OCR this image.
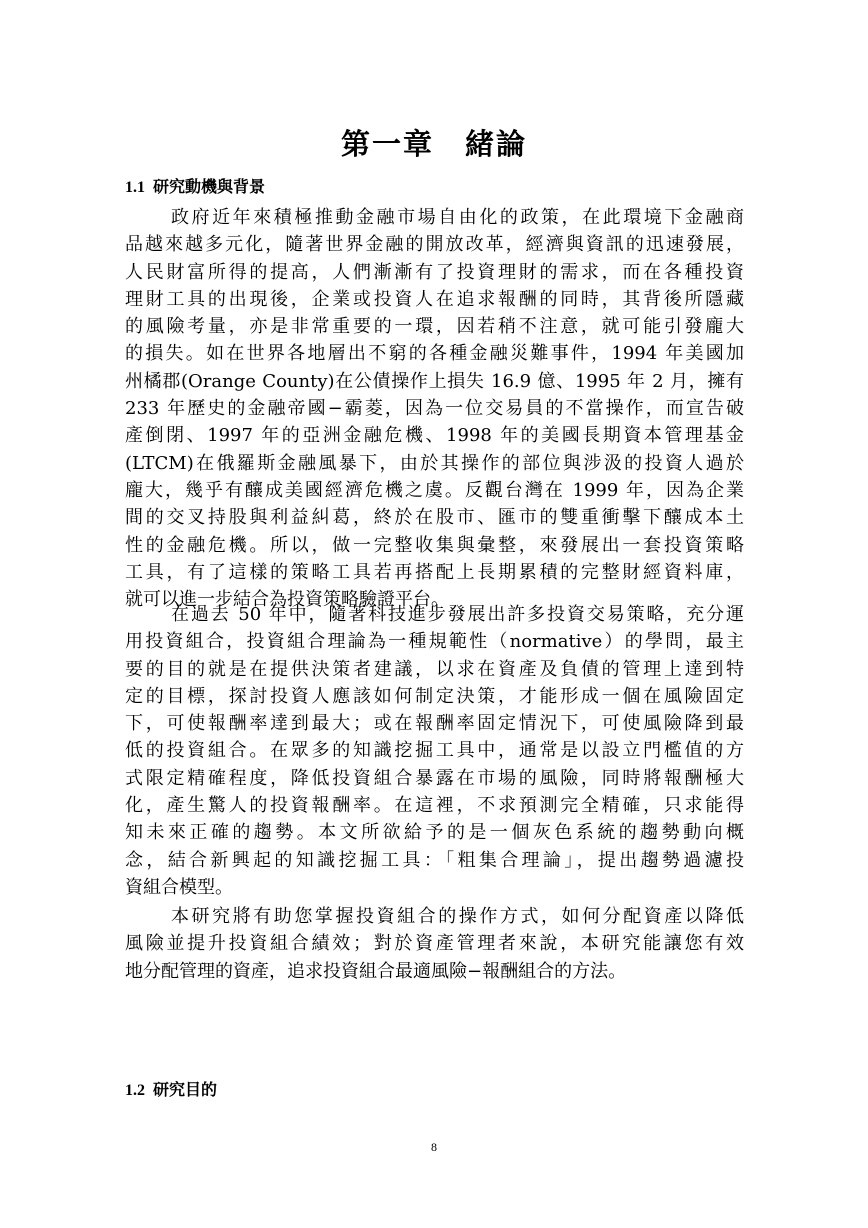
第一章　緒論
1.1 研究動機與背景
政府近年來積極推動金融市場自由化的政策，在此環境下金融商
品越來越多元化，隨著世界金融的開放改革，經濟與資訊的迅速發展，
人民財富所得的提高，人們漸漸有了投資理財的需求，而在各種投資
理財工具的出現後，企業或投資人在追求報酬的同時，其背後所隱藏
的風險考量，亦是非常重要的一環，因若稍不注意，就可能引發龐大
的損失。如在世界各地層出不窮的各種金融災難事件，1994 年美國加
州橘郡(Orange County)在公債操作上損失 16.9 億、1995 年 2 月，擁有
233 年歷史的金融帝國−霸菱，因為一位交易員的不當操作，而宣告破
產倒閉、1997 年的亞洲金融危機、1998 年的美國長期資本管理基金
(LTCM)在俄羅斯金融風暴下，由於其操作的部位與涉汲的投資人過於
龐大，幾乎有釀成美國經濟危機之虞。反觀台灣在 1999 年，因為企業
間的交叉持股與利益糾葛，終於在股市、匯市的雙重衝擊下釀成本土
性的金融危機。所以，做一完整收集與彙整，來發展出一套投資策略
工具，有了這樣的策略工具若再搭配上長期累積的完整財經資料庫，
就可以進一步結合為投資策略驗證平台。
在過去 50 年中，隨著科技進步發展出許多投資交易策略，充分運
用投資組合，投資組合理論為一種規範性（normative）的學問，最主
要的目的就是在提供決策者建議，以求在資產及負債的管理上達到特
定的目標，探討投資人應該如何制定決策，才能形成一個在風險固定
下，可使報酬率達到最大；或在報酬率固定情況下，可使風險降到最
低的投資組合。在眾多的知識挖掘工具中，通常是以設立門檻值的方
式限定精確程度，降低投資組合暴露在市場的風險，同時將報酬極大
化，產生驚人的投資報酬率。在這裡，不求預測完全精確，只求能得
知未來正確的趨勢。本文所欲給予的是一個灰色系統的趨勢動向概
念，結合新興起的知識挖掘工具：「粗集合理論」，提出趨勢過濾投
資組合模型。
本研究將有助您掌握投資組合的操作方式，如何分配資產以降低
風險並提升投資組合績效；對於資產管理者來說，本研究能讓您有效
地分配管理的資產，追求投資組合最適風險−報酬組合的方法。
1.2 研究目的
8
